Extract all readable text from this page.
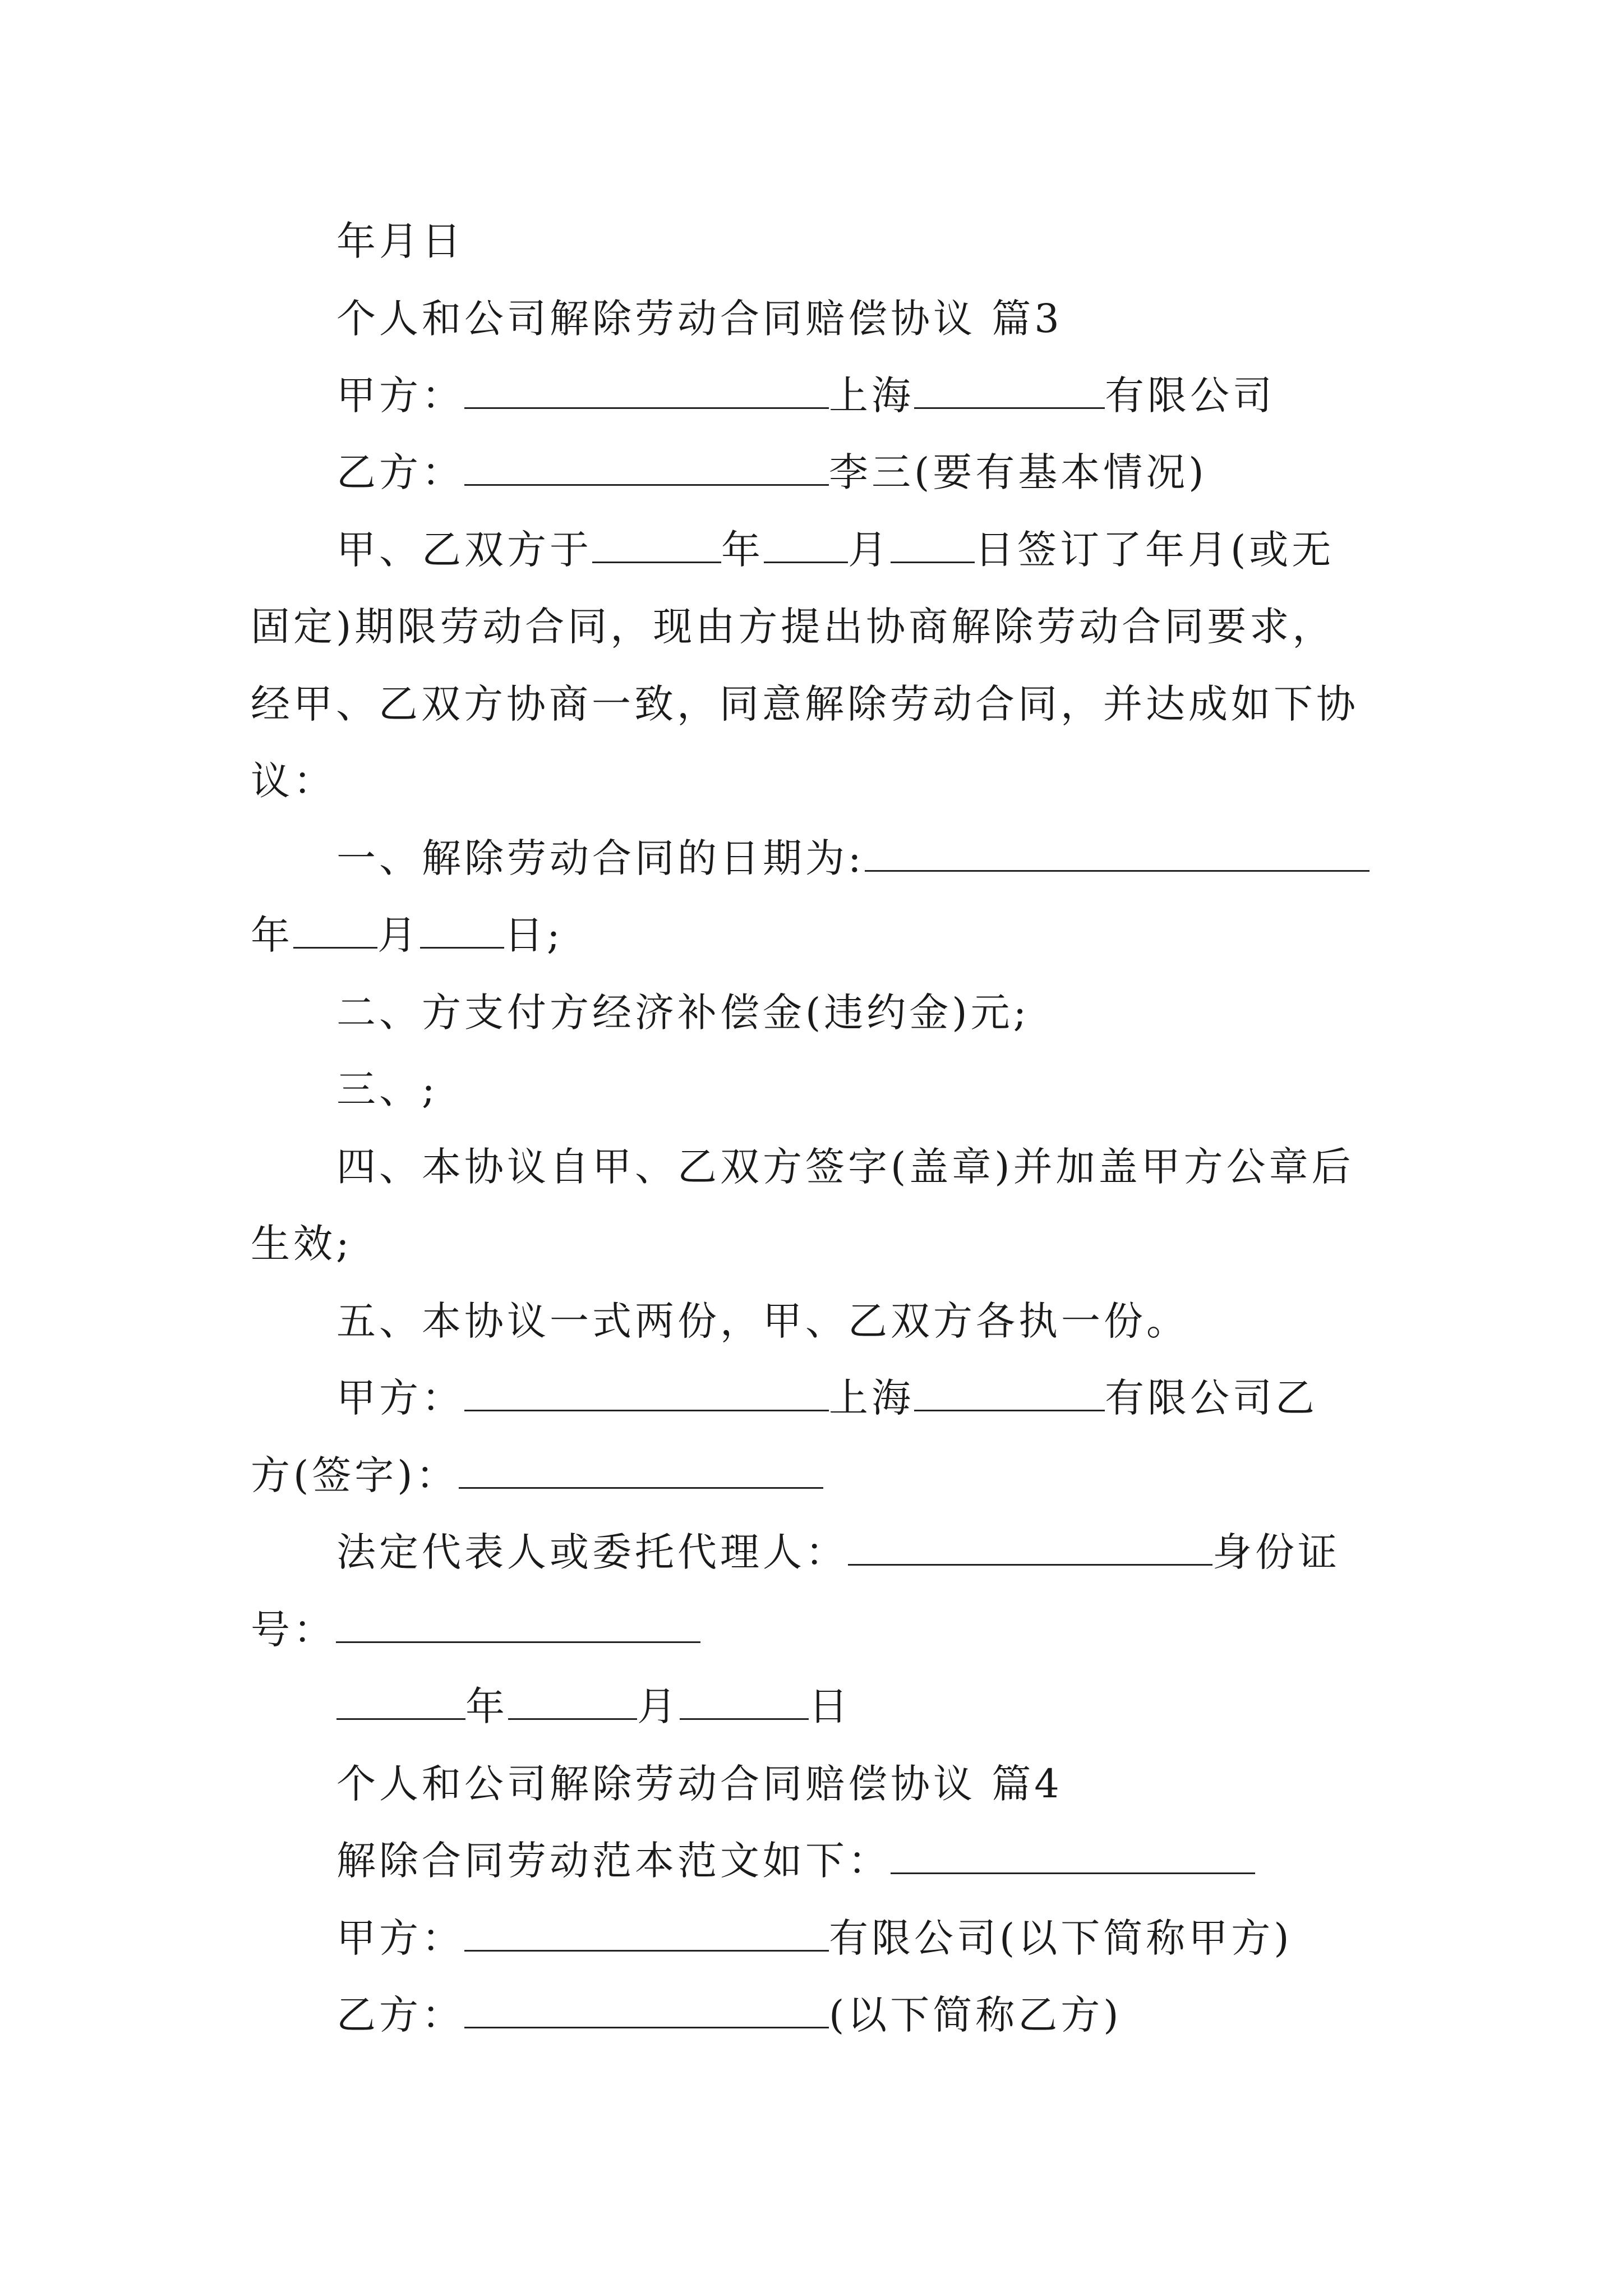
年月日
个人和公司解除劳动合同赔偿协议 篇3
甲方：	上海	有限公司
乙方：	李三(要有基本情况)
甲、乙双方于	年 月 日签订了年月(或无
固定)期限劳动合同，现由方提出协商解除劳动合同要求，
经甲、乙双方协商一致，同意解除劳动合同，并达成如下协
议：
一、解除劳动合同的日期为:
年 月 日;
二、方支付方经济补偿金(违约金)元;
三、;
四、本协议自甲、乙双方签字(盖章)并加盖甲方公章后
生效;
五、本协议一式两份，甲、乙双方各执一份。
甲方：	上海	有限公司乙
方(签字)：
法定代表人或委托代理人：	身份证
号：
年	月	日
个人和公司解除劳动合同赔偿协议 篇4
解除合同劳动范本范文如下：
甲方：	有限公司(以下简称甲方)
乙方：	(以下简称乙方)
